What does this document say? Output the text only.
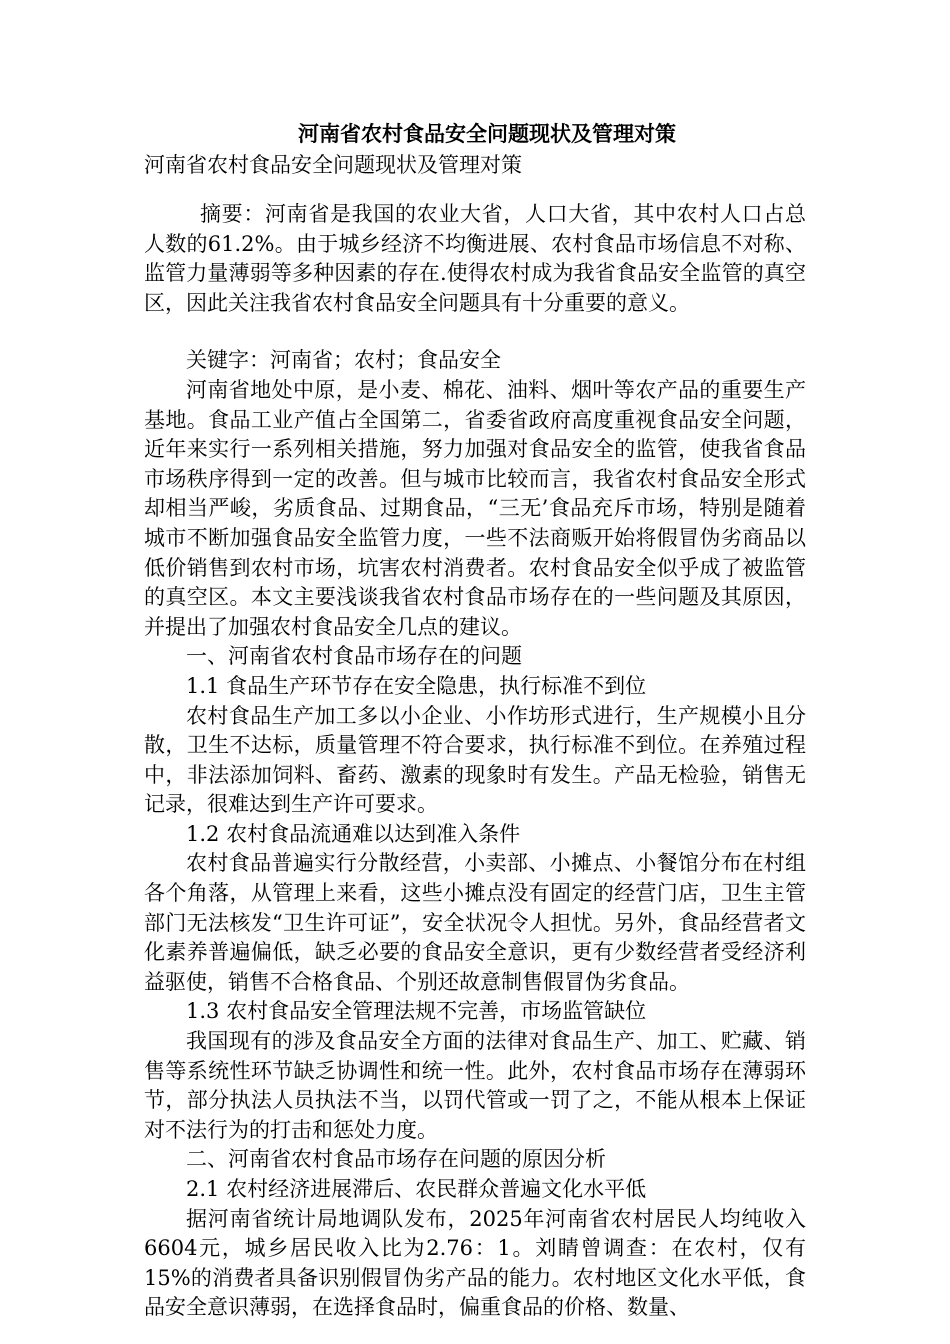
河南省农村食品安全问题现状及管理对策

河南省农村食品安全问题现状及管理对策

摘要：河南省是我国的农业大省，人口大省，其中农村人口占总人数的61.2%。由于城乡经济不均衡进展、农村食品市场信息不对称、监管力量薄弱等多种因素的存在.使得农村成为我省食品安全监管的真空区，因此关注我省农村食品安全问题具有十分重要的意义。

关键字：河南省；农村；食品安全

河南省地处中原，是小麦、棉花、油料、烟叶等农产品的重要生产基地。食品工业产值占全国第二，省委省政府高度重视食品安全问题，近年来实行一系列相关措施，努力加强对食品安全的监管，使我省食品市场秩序得到一定的改善。但与城市比较而言，我省农村食品安全形式却相当严峻，劣质食品、过期食品，“三无’食品充斥市场，特别是随着城市不断加强食品安全监管力度，一些不法商贩开始将假冒伪劣商品以低价销售到农村市场，坑害农村消费者。农村食品安全似乎成了被监管的真空区。本文主要浅谈我省农村食品市场存在的一些问题及其原因，并提出了加强农村食品安全几点的建议。

一、河南省农村食品市场存在的问题

1.1 食品生产环节存在安全隐患，执行标准不到位

农村食品生产加工多以小企业、小作坊形式进行，生产规模小且分散，卫生不达标，质量管理不符合要求，执行标准不到位。在养殖过程中，非法添加饲料、畜药、激素的现象时有发生。产品无检验，销售无记录，很难达到生产许可要求。

1.2 农村食品流通难以达到准入条件

农村食品普遍实行分散经营，小卖部、小摊点、小餐馆分布在村组各个角落，从管理上来看，这些小摊点没有固定的经营门店，卫生主管部门无法核发“卫生许可证”，安全状况令人担忧。另外，食品经营者文化素养普遍偏低，缺乏必要的食品安全意识，更有少数经营者受经济利益驱使，销售不合格食品、个别还故意制售假冒伪劣食品。

1.3 农村食品安全管理法规不完善，市场监管缺位

我国现有的涉及食品安全方面的法律对食品生产、加工、贮藏、销售等系统性环节缺乏协调性和统一性。此外，农村食品市场存在薄弱环节，部分执法人员执法不当，以罚代管或一罚了之，不能从根本上保证对不法行为的打击和惩处力度。

二、河南省农村食品市场存在问题的原因分析

2.1 农村经济进展滞后、农民群众普遍文化水平低

据河南省统计局地调队发布，2025年河南省农村居民人均纯收入6604元，城乡居民收入比为2.76：1。刘睛曾调查：在农村，仅有15%的消费者具备识别假冒伪劣产品的能力。农村地区文化水平低，食品安全意识薄弱，在选择食品时，偏重食品的价格、数量、
